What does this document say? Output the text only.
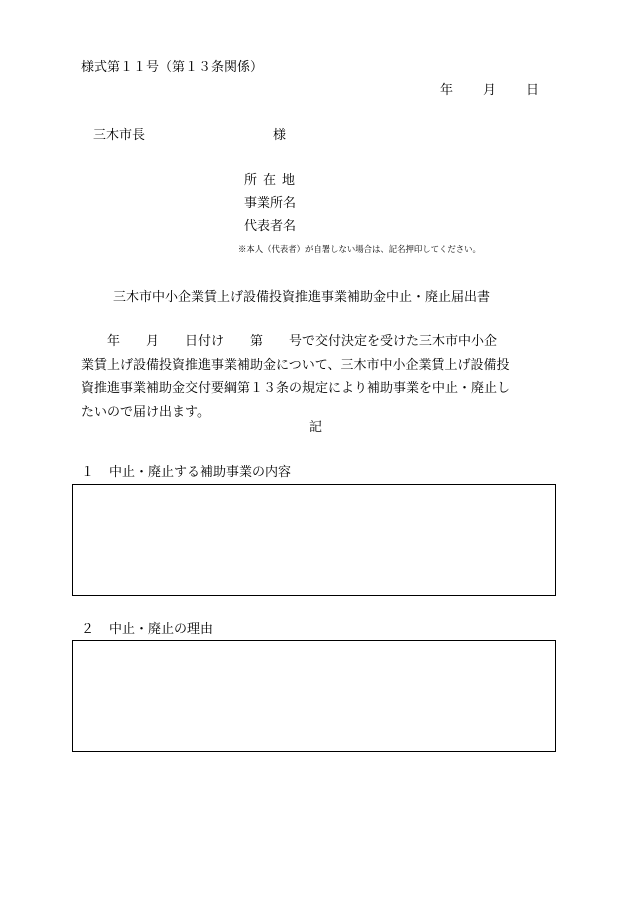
様式第１１号（第１３条関係）
年 月 日
三木市長	様
所在地
事業所名
代表者名
※本人（代表者）が自署しない場合は、記名押印してください。
三木市中小企業賃上げ設備投資推進事業補助金中止・廃止届出書
　　年　　月　　日付け　　第　　号で交付決定を受けた三木市中小企
業賃上げ設備投資推進事業補助金について、三木市中小企業賃上げ設備投
資推進事業補助金交付要綱第１３条の規定により補助事業を中止・廃止し
たいので届け出ます。
記
１ 中止・廃止する補助事業の内容
２ 中止・廃止の理由
